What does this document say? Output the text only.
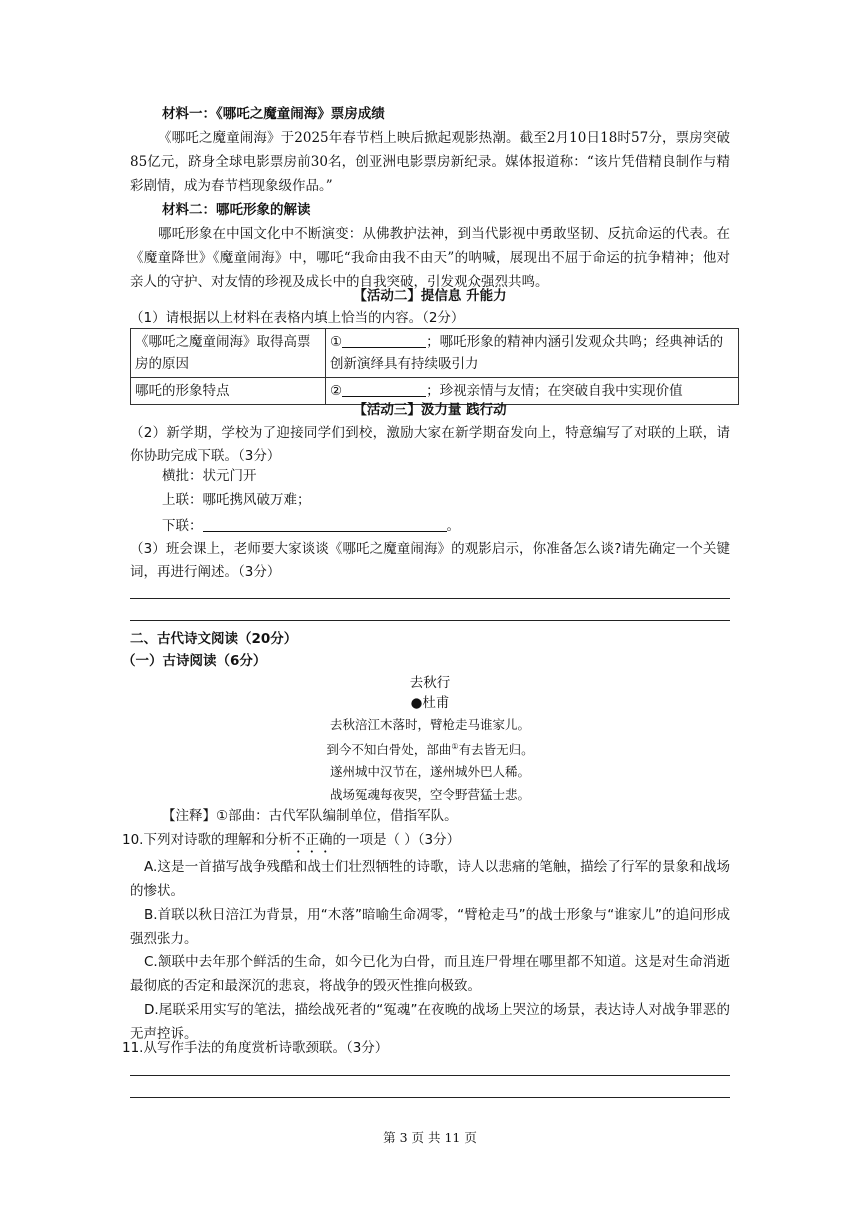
材料一：《哪吒之魔童闹海》票房成绩
《哪吒之魔童闹海》于2025年春节档上映后掀起观影热潮。截至2月10日18时57分，票房突破85亿元，跻身全球电影票房前30名，创亚洲电影票房新纪录。媒体报道称：“该片凭借精良制作与精彩剧情，成为春节档现象级作品。”
材料二：哪吒形象的解读
哪吒形象在中国文化中不断演变：从佛教护法神，到当代影视中勇敢坚韧、反抗命运的代表。在《魔童降世》《魔童闹海》中，哪吒“我命由我不由天”的呐喊，展现出不屈于命运的抗争精神；他对亲人的守护、对友情的珍视及成长中的自我突破，引发观众强烈共鸣。
【活动二】提信息 升能力
（1）请根据以上材料在表格内填上恰当的内容。（2分）
《哪吒之魔童闹海》取得高票房的原因	① ；哪吒形象的精神内涵引发观众共鸣；经典神话的创新演绎具有持续吸引力
哪吒的形象特点	② ；珍视亲情与友情；在突破自我中实现价值
【活动三】汲力量 践行动
（2）新学期，学校为了迎接同学们到校，激励大家在新学期奋发向上，特意编写了对联的上联，请你协助完成下联。（3分）
横批：状元门开
上联：哪吒携风破万难；
下联：	。
（3）班会课上，老师要大家谈谈《哪吒之魔童闹海》的观影启示，你准备怎么谈?请先确定一个关键词，再进行阐述。（3分）
二、古代诗文阅读（20分）
（一）古诗阅读（6分）
去秋行
●杜甫
去秋涪江木落时，臂枪走马谁家儿。
到今不知白骨处，部曲①有去皆无归。
遂州城中汉节在，遂州城外巴人稀。
战场冤魂每夜哭，空令野营猛士悲。
【注释】①部曲：古代军队编制单位，借指军队。
10.下列对诗歌的理解和分析不正确的一项是（ ）（3分）
A.这是一首描写战争残酷和战士们壮烈牺牲的诗歌，诗人以悲痛的笔触，描绘了行军的景象和战场的惨状。
B.首联以秋日涪江为背景，用“木落”暗喻生命凋零，“臂枪走马”的战士形象与“谁家儿”的追问形成强烈张力。
C.颔联中去年那个鲜活的生命，如今已化为白骨，而且连尸骨埋在哪里都不知道。这是对生命消逝最彻底的否定和最深沉的悲哀，将战争的毁灭性推向极致。
D.尾联采用实写的笔法，描绘战死者的“冤魂”在夜晚的战场上哭泣的场景，表达诗人对战争罪恶的无声控诉。
11.从写作手法的角度赏析诗歌颈联。（3分）
第 3 页 共 11 页
